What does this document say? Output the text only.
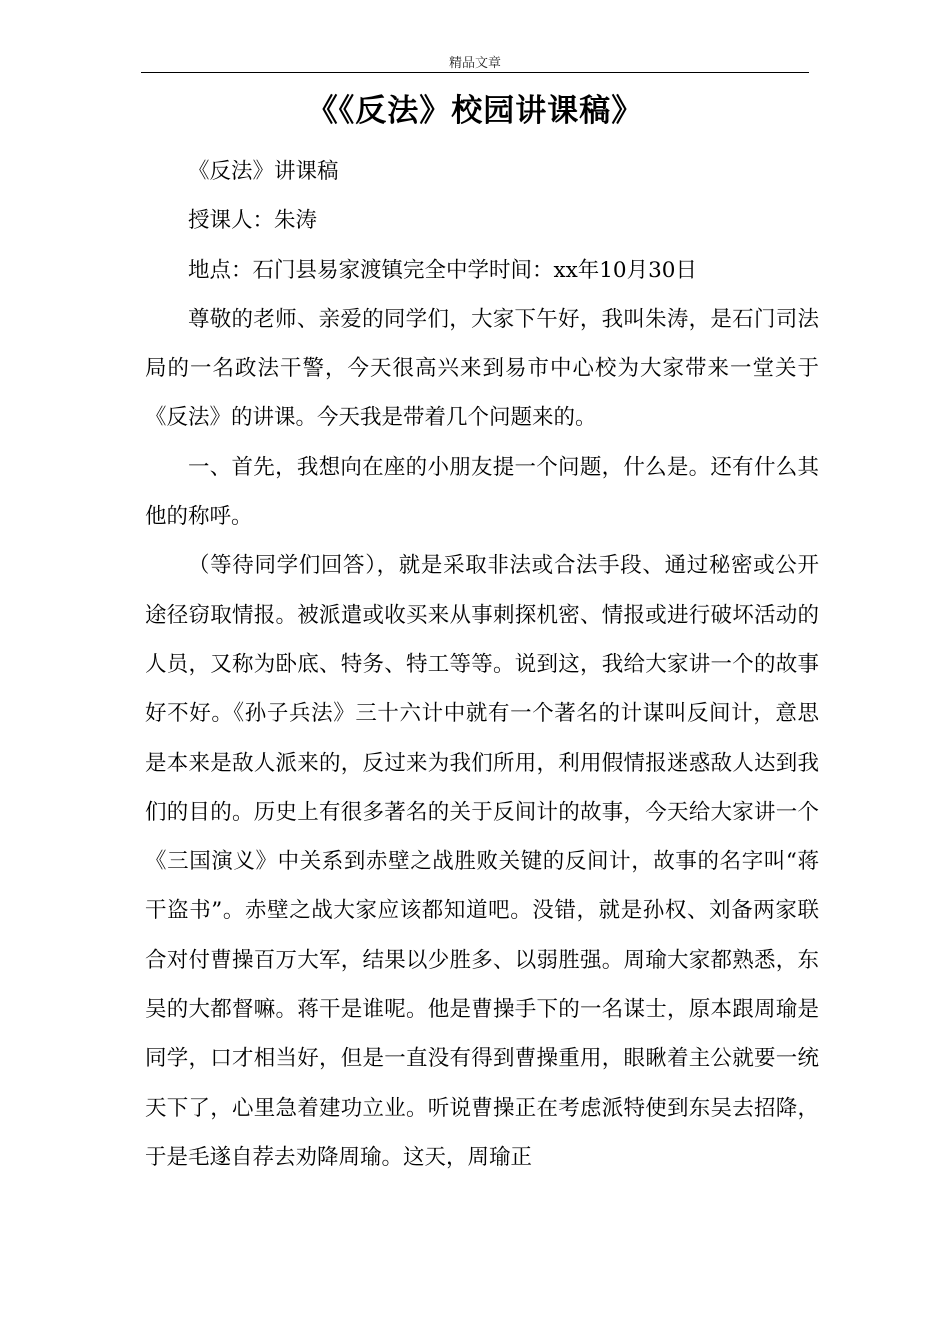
精品文章
《《反法》校园讲课稿》

《反法》讲课稿

授课人：朱涛

地点：石门县易家渡镇完全中学时间：xx年10月30日

尊敬的老师、亲爱的同学们，大家下午好，我叫朱涛，是石门司法局的一名政法干警，今天很高兴来到易市中心校为大家带来一堂关于《反法》的讲课。今天我是带着几个问题来的。

一、首先，我想向在座的小朋友提一个问题，什么是。还有什么其他的称呼。

（等待同学们回答），就是采取非法或合法手段、通过秘密或公开途径窃取情报。被派遣或收买来从事刺探机密、情报或进行破坏活动的人员，又称为卧底、特务、特工等等。说到这，我给大家讲一个的故事好不好。《孙子兵法》三十六计中就有一个著名的计谋叫反间计，意思是本来是敌人派来的，反过来为我们所用，利用假情报迷惑敌人达到我们的目的。历史上有很多著名的关于反间计的故事，今天给大家讲一个《三国演义》中关系到赤壁之战胜败关键的反间计，故事的名字叫“蒋干盗书”。赤壁之战大家应该都知道吧。没错，就是孙权、刘备两家联合对付曹操百万大军，结果以少胜多、以弱胜强。周瑜大家都熟悉，东吴的大都督嘛。蒋干是谁呢。他是曹操手下的一名谋士，原本跟周瑜是同学，口才相当好，但是一直没有得到曹操重用，眼瞅着主公就要一统天下了，心里急着建功立业。听说曹操正在考虑派特使到东吴去招降，于是毛遂自荐去劝降周瑜。这天，周瑜正
